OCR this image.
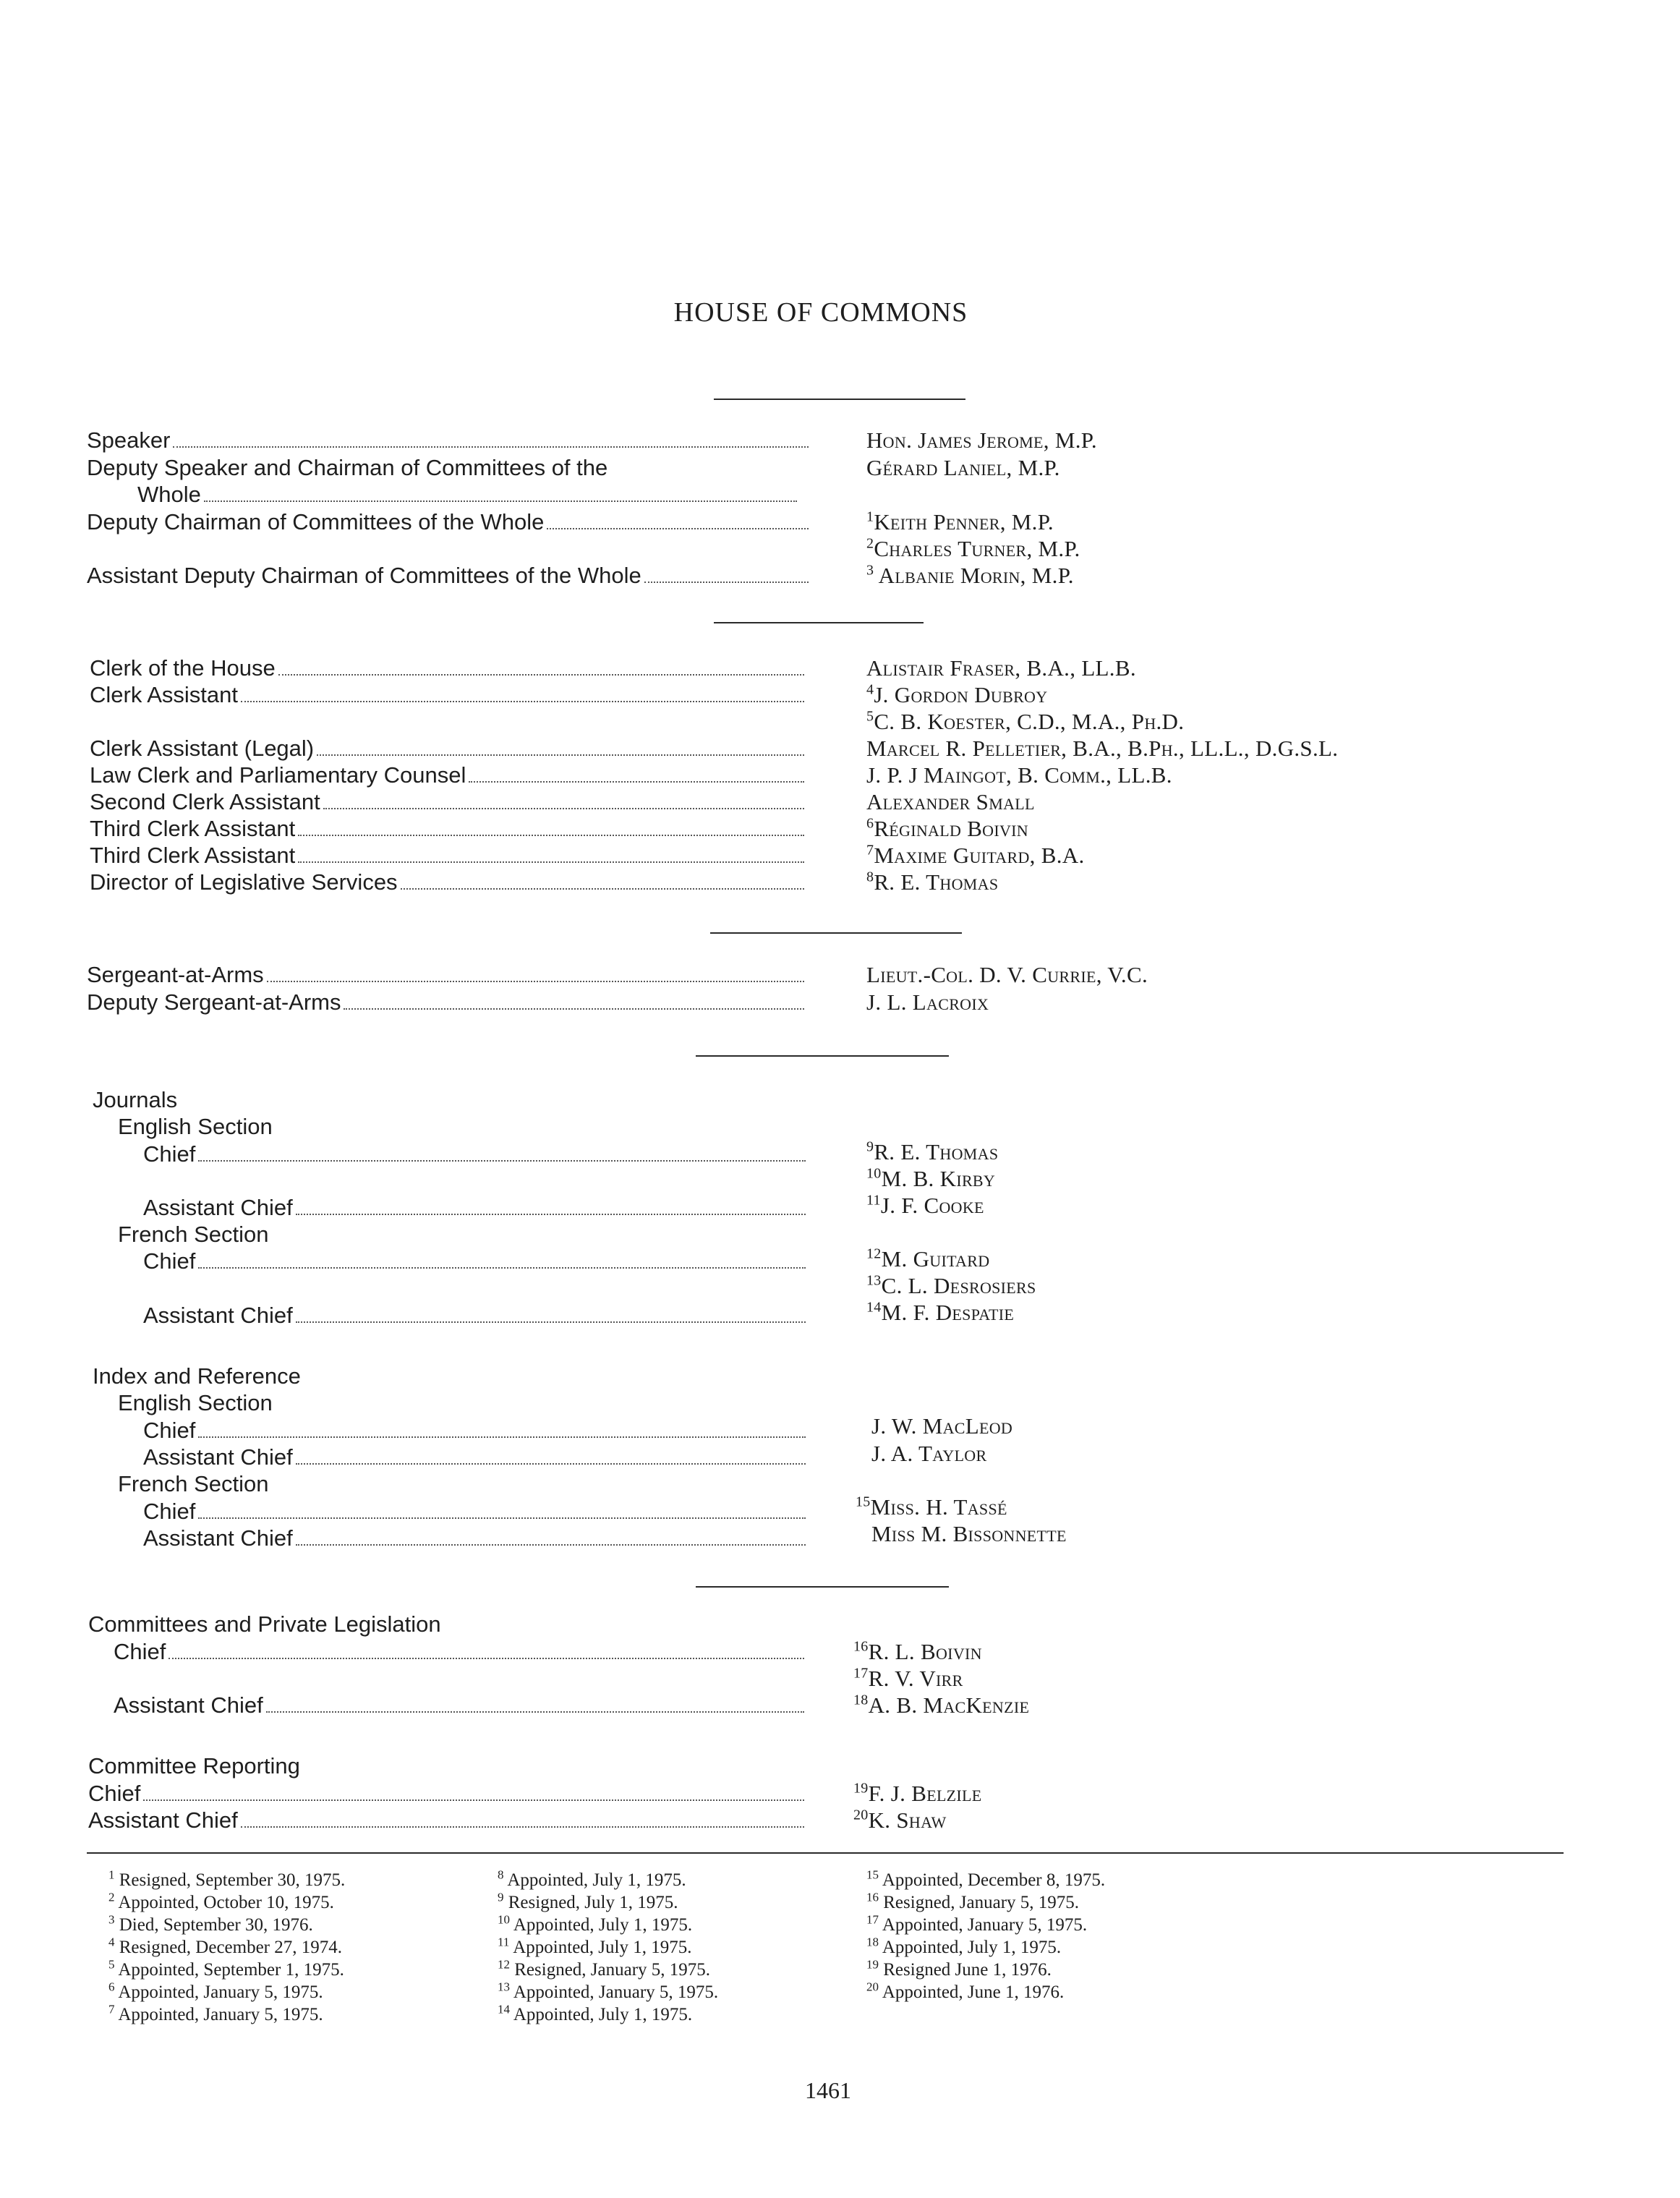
HOUSE OF COMMONS
Speaker
Deputy Speaker and Chairman of Committees of the
Whole
Deputy Chairman of Committees of the Whole
Assistant Deputy Chairman of Committees of the Whole
Hon. James Jerome, M.P.
Gérard Laniel, M.P.
$^1$Keith Penner, M.P.
$^2$Charles Turner, M.P.
$^3$ Albanie Morin, M.P.
Clerk of the House
Clerk Assistant
Clerk Assistant (Legal)
Law Clerk and Parliamentary Counsel
Second Clerk Assistant
Third Clerk Assistant
Third Clerk Assistant
Director of Legislative Services
Alistair Fraser, B.A., LL.B.
$^4$J. Gordon Dubroy
$^5$C. B. Koester, C.D., M.A., Ph.D.
Marcel R. Pelletier, B.A., B.Ph., LL.L., D.G.S.L.
J. P. J Maingot, B. Comm., LL.B.
Alexander Small
$^6$Réginald Boivin
$^7$Maxime Guitard, B.A.
$^8$R. E. Thomas
Sergeant-at-Arms
Deputy Sergeant-at-Arms
Lieut.-Col. D. V. Currie, V.C.
J. L. Lacroix
Journals
English Section
Chief
Assistant Chief
French Section
Chief
Assistant Chief
Index and Reference
English Section
Chief
Assistant Chief
French Section
Chief
Assistant Chief
$^9$R. E. Thomas
$^{10}$M. B. Kirby
$^{11}$J. F. Cooke
$^{12}$M. Guitard
$^{13}$C. L. Desrosiers
$^{14}$M. F. Despatie
J. W. MacLeod
J. A. Taylor
$^{15}$Miss. H. Tassé
Miss M. Bissonnette
Committees and Private Legislation
Chief
Assistant Chief
Committee Reporting
Chief
Assistant Chief
$^{16}$R. L. Boivin
$^{17}$R. V. Virr
$^{18}$A. B. MacKenzie
$^{19}$F. J. Belzile
$^{20}$K. Shaw
$^1$ Resigned, September 30, 1975.
$^2$ Appointed, October 10, 1975.
$^3$ Died, September 30, 1976.
$^4$ Resigned, December 27, 1974.
$^5$ Appointed, September 1, 1975.
$^6$ Appointed, January 5, 1975.
$^7$ Appointed, January 5, 1975.
$^8$ Appointed, July 1, 1975.
$^9$ Resigned, July 1, 1975.
$^{10}$ Appointed, July 1, 1975.
$^{11}$ Appointed, July 1, 1975.
$^{12}$ Resigned, January 5, 1975.
$^{13}$ Appointed, January 5, 1975.
$^{14}$ Appointed, July 1, 1975.
$^{15}$ Appointed, December 8, 1975.
$^{16}$ Resigned, January 5, 1975.
$^{17}$ Appointed, January 5, 1975.
$^{18}$ Appointed, July 1, 1975.
$^{19}$ Resigned June 1, 1976.
$^{20}$ Appointed, June 1, 1976.
1461
